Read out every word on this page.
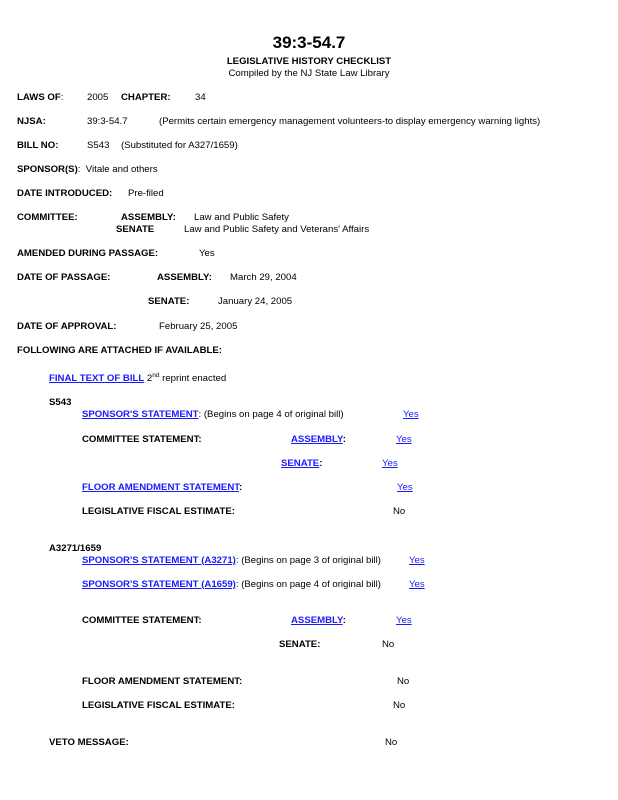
39:3-54.7
LEGISLATIVE HISTORY CHECKLIST
Compiled by the NJ State Law Library
LAWS OF: 2005 CHAPTER:	34
NJSA:	39:3-54.7	(Permits certain emergency management volunteers-to display emergency warning lights)
BILL NO:	S543 (Substituted for A327/1659)
SPONSOR(S): Vitale and others
DATE INTRODUCED: Pre-filed
COMMITTEE:	ASSEMBLY: Law and Public Safety
SENATE	Law and Public Safety and Veterans' Affairs
AMENDED DURING PASSAGE:	Yes
DATE OF PASSAGE:	ASSEMBLY: March 29, 2004
SENATE:	January 24, 2005
DATE OF APPROVAL:	February 25, 2005
FOLLOWING ARE ATTACHED IF AVAILABLE:
FINAL TEXT OF BILL 2nd reprint enacted
S543
SPONSOR'S STATEMENT: (Begins on page 4 of original bill)	Yes
COMMITTEE STATEMENT:	ASSEMBLY:	Yes
SENATE:	Yes
FLOOR AMENDMENT STATEMENT:	Yes
LEGISLATIVE FISCAL ESTIMATE:	No
A3271/1659
SPONSOR'S STATEMENT (A3271): (Begins on page 3 of original bill)	Yes
SPONSOR'S STATEMENT (A1659): (Begins on page 4 of original bill)	Yes
COMMITTEE STATEMENT:	ASSEMBLY:	Yes
SENATE:	No
FLOOR AMENDMENT STATEMENT:	No
LEGISLATIVE FISCAL ESTIMATE:	No
VETO MESSAGE:	No
